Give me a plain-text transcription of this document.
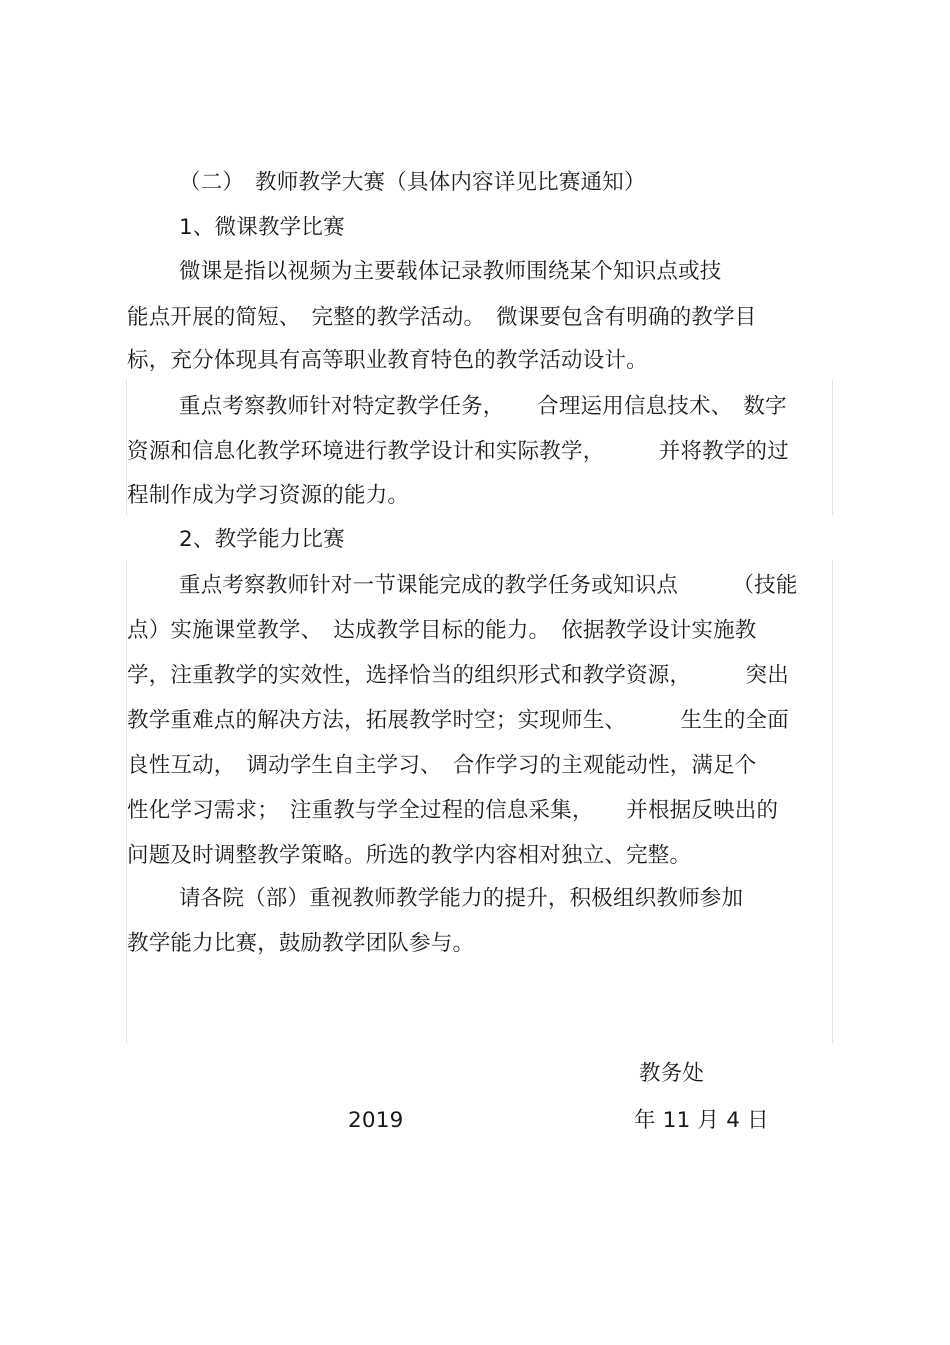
（二）　教师教学大赛（具体内容详见比赛通知）
1、微课教学比赛
微课是指以视频为主要载体记录教师围绕某个知识点或技
能点开展的简短、　完整的教学活动。　微课要包含有明确的教学目
标，充分体现具有高等职业教育特色的教学活动设计。
重点考察教师针对特定教学任务，　　合理运用信息技术、　数字
资源和信息化教学环境进行教学设计和实际教学，　　　并将教学的过
程制作成为学习资源的能力。
2、教学能力比赛
重点考察教师针对一节课能完成的教学任务或知识点　　　（技能
点）实施课堂教学、　达成教学目标的能力。　依据教学设计实施教
学，注重教学的实效性，选择恰当的组织形式和教学资源，　　　突出
教学重难点的解决方法，拓展教学时空；实现师生、　　　生生的全面
良性互动，　调动学生自主学习、　合作学习的主观能动性，满足个
性化学习需求；　注重教与学全过程的信息采集，　　并根据反映出的
问题及时调整教学策略。所选的教学内容相对独立、完整。
请各院（部）重视教师教学能力的提升，积极组织教师参加
教学能力比赛，鼓励教学团队参与。
教务处
2019	年 11 月 4 日
